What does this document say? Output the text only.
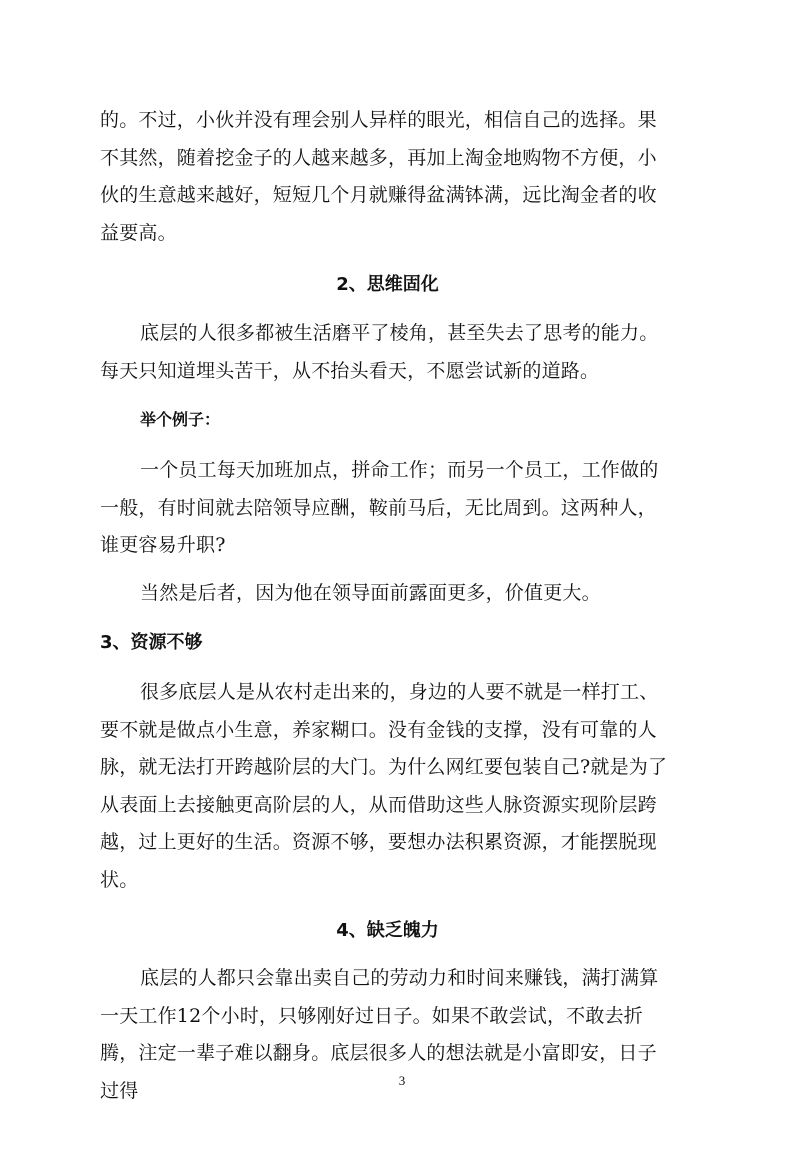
的。不过，小伙并没有理会别人异样的眼光，相信自己的选择。果不其然，随着挖金子的人越来越多，再加上淘金地购物不方便，小伙的生意越来越好，短短几个月就赚得盆满钵满，远比淘金者的收益要高。

2、思维固化

底层的人很多都被生活磨平了棱角，甚至失去了思考的能力。每天只知道埋头苦干，从不抬头看天，不愿尝试新的道路。

举个例子：

一个员工每天加班加点，拼命工作；而另一个员工，工作做的一般，有时间就去陪领导应酬，鞍前马后，无比周到。这两种人，谁更容易升职?

当然是后者，因为他在领导面前露面更多，价值更大。

3、资源不够

很多底层人是从农村走出来的，身边的人要不就是一样打工、要不就是做点小生意，养家糊口。没有金钱的支撑，没有可靠的人脉，就无法打开跨越阶层的大门。为什么网红要包装自己?就是为了从表面上去接触更高阶层的人，从而借助这些人脉资源实现阶层跨越，过上更好的生活。资源不够，要想办法积累资源，才能摆脱现状。

4、缺乏魄力

底层的人都只会靠出卖自己的劳动力和时间来赚钱，满打满算一天工作12个小时，只够刚好过日子。如果不敢尝试，不敢去折腾，注定一辈子难以翻身。底层很多人的想法就是小富即安，日子过得	3
